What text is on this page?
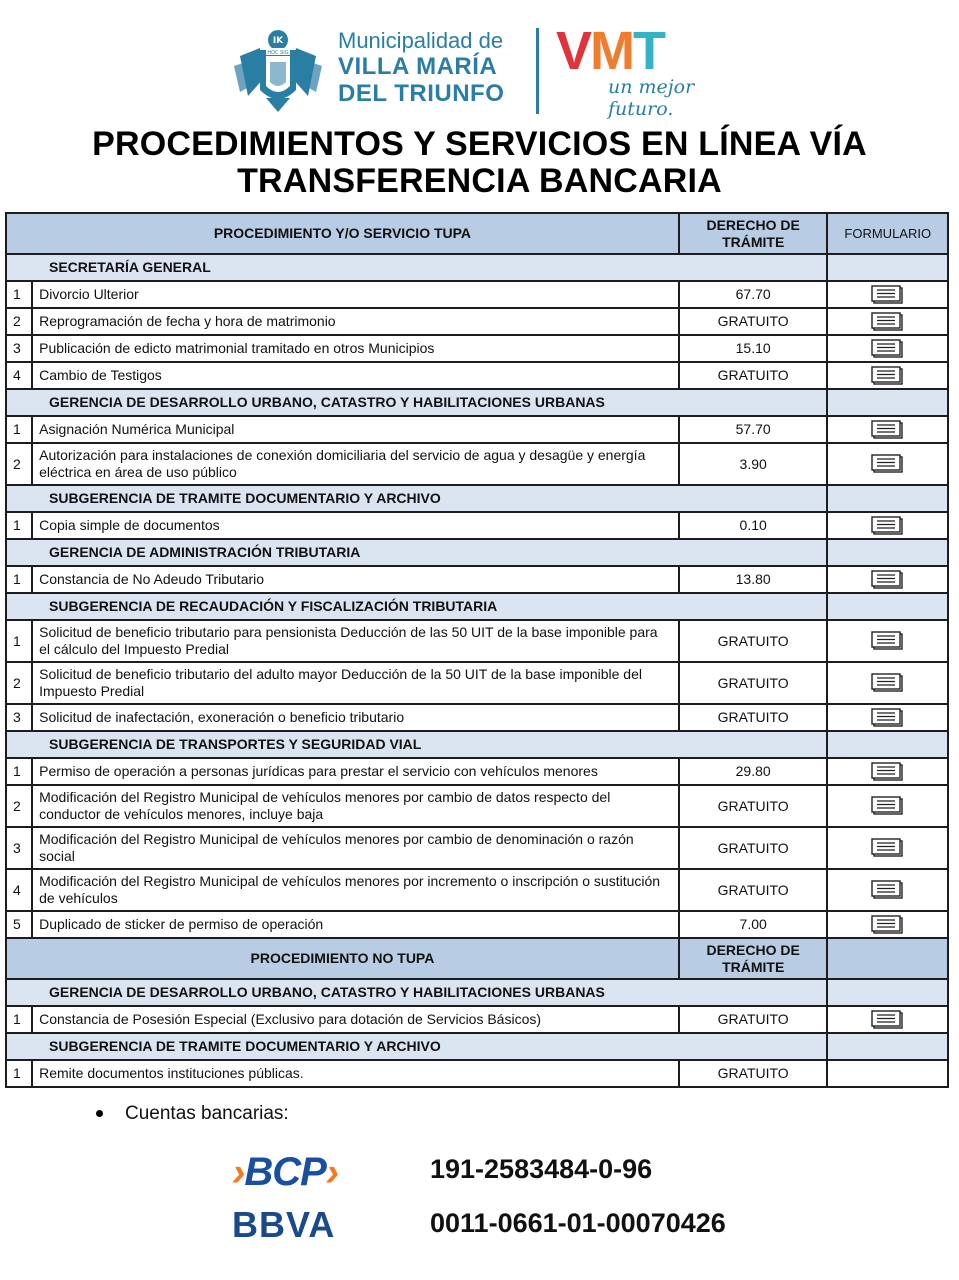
IK
HOC SIG Municipalidad de
VILLA MARÍA
DEL TRIUNFO
VMT
un mejor futuro.
PROCEDIMIENTOS Y SERVICIOS EN LÍNEA VÍA
TRANSFERENCIA BANCARIA
PROCEDIMIENTO Y/O SERVICIO TUPA		DERECHO DE TRÁMITE	FORMULARIO
SECRETARÍA GENERAL			
1	Divorcio Ulterior	67.70	
2	Reprogramación de fecha y hora de matrimonio	GRATUITO	
3	Publicación de edicto matrimonial tramitado en otros Municipios	15.10	
4	Cambio de Testigos	GRATUITO	
GERENCIA DE DESARROLLO URBANO, CATASTRO Y HABILITACIONES URBANAS			
1	Asignación Numérica Municipal	57.70	
2	Autorización para instalaciones de conexión domiciliaria del servicio de agua y desagüe y energía eléctrica en área de uso público	3.90	
SUBGERENCIA DE TRAMITE DOCUMENTARIO Y ARCHIVO			
1	Copia simple de documentos	0.10	
GERENCIA DE ADMINISTRACIÓN TRIBUTARIA			
1	Constancia de No Adeudo Tributario	13.80	
SUBGERENCIA DE RECAUDACIÓN Y FISCALIZACIÓN TRIBUTARIA			
1	Solicitud de beneficio tributario para pensionista Deducción de las 50 UIT de la base imponible para el cálculo del Impuesto Predial	GRATUITO	
2	Solicitud de beneficio tributario del adulto mayor Deducción de la 50 UIT de la base imponible del Impuesto Predial	GRATUITO	
3	Solicitud de inafectación, exoneración o beneficio tributario	GRATUITO	
SUBGERENCIA DE TRANSPORTES Y SEGURIDAD VIAL			
1	Permiso de operación a personas jurídicas para prestar el servicio con vehículos menores	29.80	
2	Modificación del Registro Municipal de vehículos menores por cambio de datos respecto del conductor de vehículos menores, incluye baja	GRATUITO	
3	Modificación del Registro Municipal de vehículos menores por cambio de denominación o razón social	GRATUITO	
4	Modificación del Registro Municipal de vehículos menores por incremento o inscripción o sustitución de vehículos	GRATUITO	
5	Duplicado de sticker de permiso de operación	7.00	
PROCEDIMIENTO NO TUPA		DERECHO DE TRÁMITE	
GERENCIA DE DESARROLLO URBANO, CATASTRO Y HABILITACIONES URBANAS			
1	Constancia de Posesión Especial (Exclusivo para dotación de Servicios Básicos)	GRATUITO	
SUBGERENCIA DE TRAMITE DOCUMENTARIO Y ARCHIVO			
1	Remite documentos instituciones públicas.	GRATUITO	
Cuentas bancarias:
›BCP›	191-2583484-0-96
BBVA	0011-0661-01-00070426
